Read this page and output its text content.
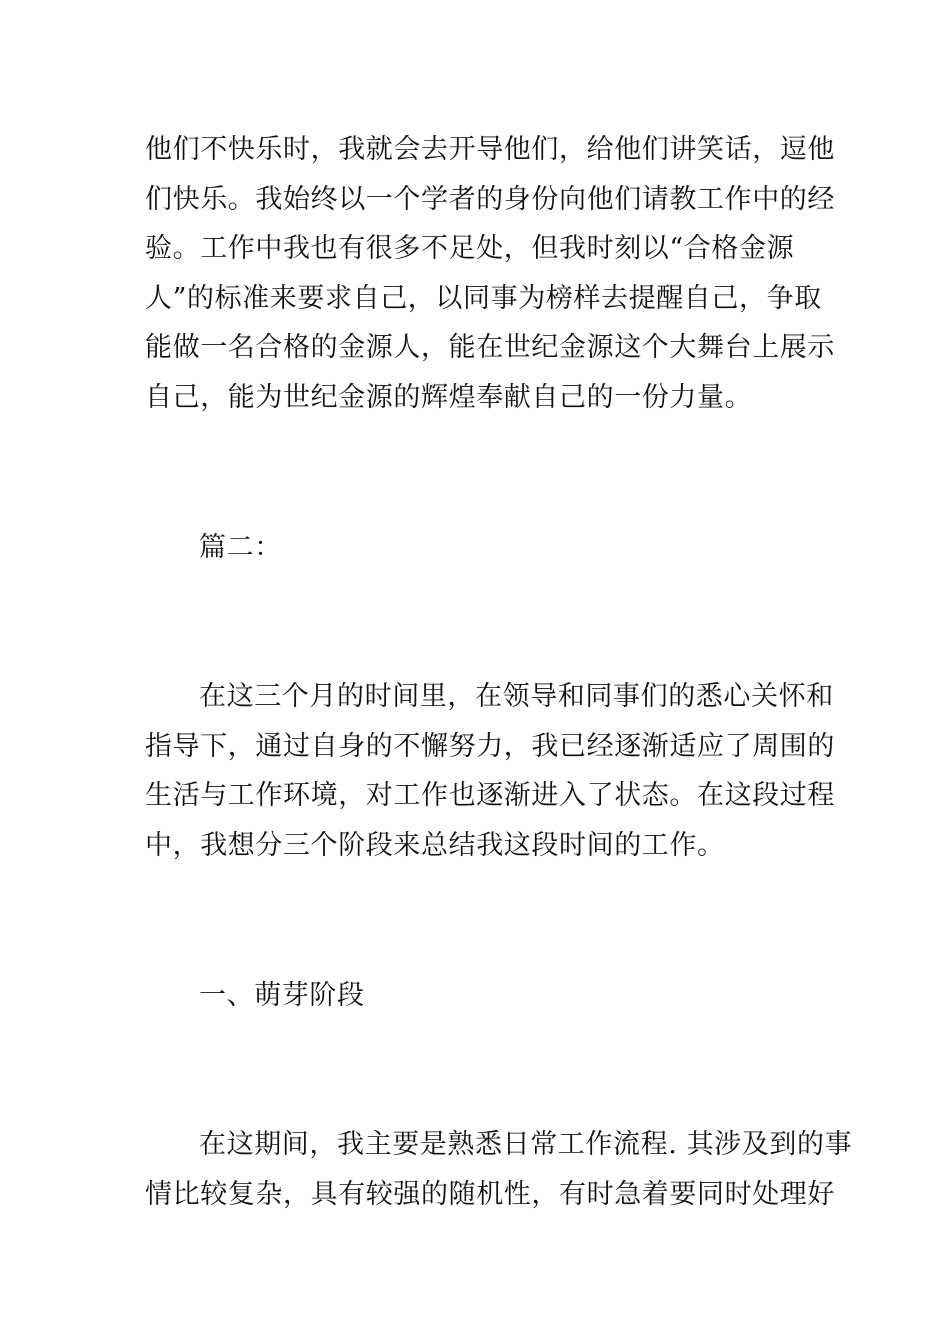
他们不快乐时，我就会去开导他们，给他们讲笑话，逗他
们快乐。我始终以一个学者的身份向他们请教工作中的经
验。工作中我也有很多不足处，但我时刻以“合格金源
人”的标准来要求自己，以同事为榜样去提醒自己，争取
能做一名合格的金源人，能在世纪金源这个大舞台上展示
自己，能为世纪金源的辉煌奉献自己的一份力量。
篇二：
在这三个月的时间里，在领导和同事们的悉心关怀和
指导下，通过自身的不懈努力，我已经逐渐适应了周围的
生活与工作环境，对工作也逐渐进入了状态。在这段过程
中，我想分三个阶段来总结我这段时间的工作。
一、萌芽阶段
在这期间，我主要是熟悉日常工作流程. 其涉及到的事
情比较复杂，具有较强的随机性，有时急着要同时处理好
